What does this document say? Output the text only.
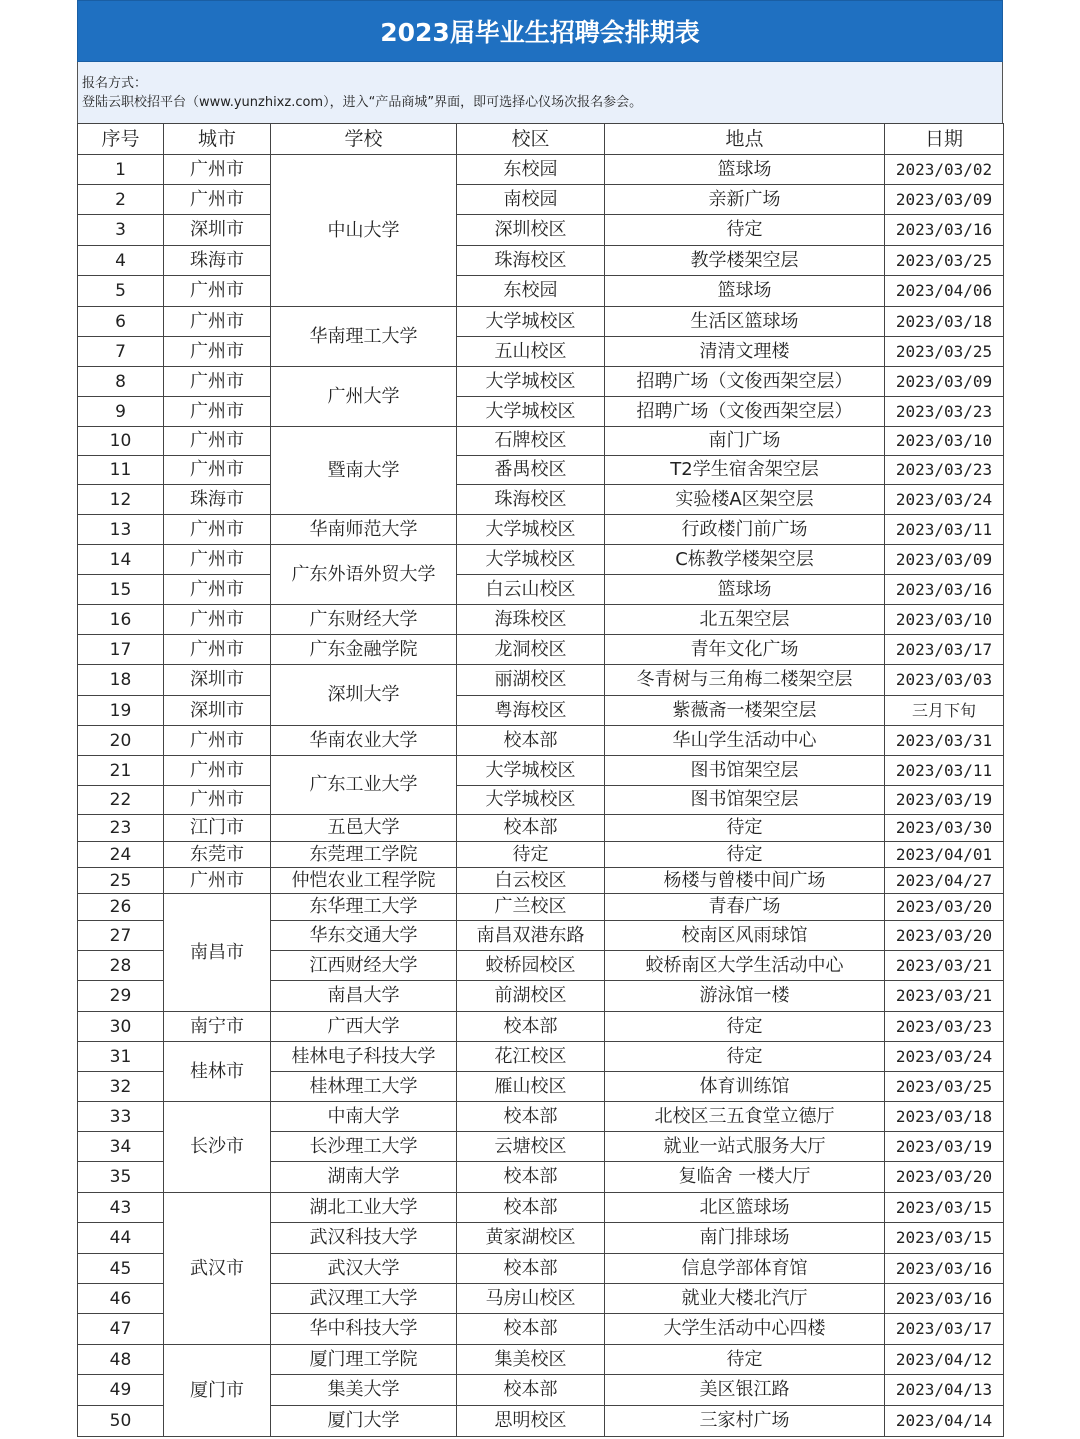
2023届毕业生招聘会排期表
报名方式：
登陆云职校招平台（www.yunzhixz.com），进入“产品商城”界面，即可选择心仪场次报名参会。
序号	城市	学校	校区	地点	日期
1	广州市	中山大学	东校园	篮球场	2023/03/02
2	广州市		南校园	亲新广场	2023/03/09
3	深圳市		深圳校区	待定	2023/03/16
4	珠海市		珠海校区	教学楼架空层	2023/03/25
5	广州市		东校园	篮球场	2023/04/06
6	广州市	华南理工大学	大学城校区	生活区篮球场	2023/03/18
7	广州市		五山校区	清清文理楼	2023/03/25
8	广州市	广州大学	大学城校区	招聘广场（文俊西架空层）	2023/03/09
9	广州市		大学城校区	招聘广场（文俊西架空层）	2023/03/23
10	广州市	暨南大学	石牌校区	南门广场	2023/03/10
11	广州市		番禺校区	T2学生宿舍架空层	2023/03/23
12	珠海市		珠海校区	实验楼A区架空层	2023/03/24
13	广州市	华南师范大学	大学城校区	行政楼门前广场	2023/03/11
14	广州市	广东外语外贸大学	大学城校区	C栋教学楼架空层	2023/03/09
15	广州市		白云山校区	篮球场	2023/03/16
16	广州市	广东财经大学	海珠校区	北五架空层	2023/03/10
17	广州市	广东金融学院	龙洞校区	青年文化广场	2023/03/17
18	深圳市	深圳大学	丽湖校区	冬青树与三角梅二楼架空层	2023/03/03
19	深圳市		粤海校区	紫薇斋一楼架空层	三月下旬
20	广州市	华南农业大学	校本部	华山学生活动中心	2023/03/31
21	广州市	广东工业大学	大学城校区	图书馆架空层	2023/03/11
22	广州市		大学城校区	图书馆架空层	2023/03/19
23	江门市	五邑大学	校本部	待定	2023/03/30
24	东莞市	东莞理工学院	待定	待定	2023/04/01
25	广州市	仲恺农业工程学院	白云校区	杨楼与曾楼中间广场	2023/04/27
26	南昌市	东华理工大学	广兰校区	青春广场	2023/03/20
27		华东交通大学	南昌双港东路	校南区风雨球馆	2023/03/20
28		江西财经大学	蛟桥园校区	蛟桥南区大学生活动中心	2023/03/21
29		南昌大学	前湖校区	游泳馆一楼	2023/03/21
30	南宁市	广西大学	校本部	待定	2023/03/23
31	桂林市	桂林电子科技大学	花江校区	待定	2023/03/24
32		桂林理工大学	雁山校区	体育训练馆	2023/03/25
33	长沙市	中南大学	校本部	北校区三五食堂立德厅	2023/03/18
34		长沙理工大学	云塘校区	就业一站式服务大厅	2023/03/19
35		湖南大学	校本部	复临舍 一楼大厅	2023/03/20
43	武汉市	湖北工业大学	校本部	北区篮球场	2023/03/15
44		武汉科技大学	黄家湖校区	南门排球场	2023/03/15
45		武汉大学	校本部	信息学部体育馆	2023/03/16
46		武汉理工大学	马房山校区	就业大楼北汽厅	2023/03/16
47		华中科技大学	校本部	大学生活动中心四楼	2023/03/17
48	厦门市	厦门理工学院	集美校区	待定	2023/04/12
49		集美大学	校本部	美区银江路	2023/04/13
50		厦门大学	思明校区	三家村广场	2023/04/14
